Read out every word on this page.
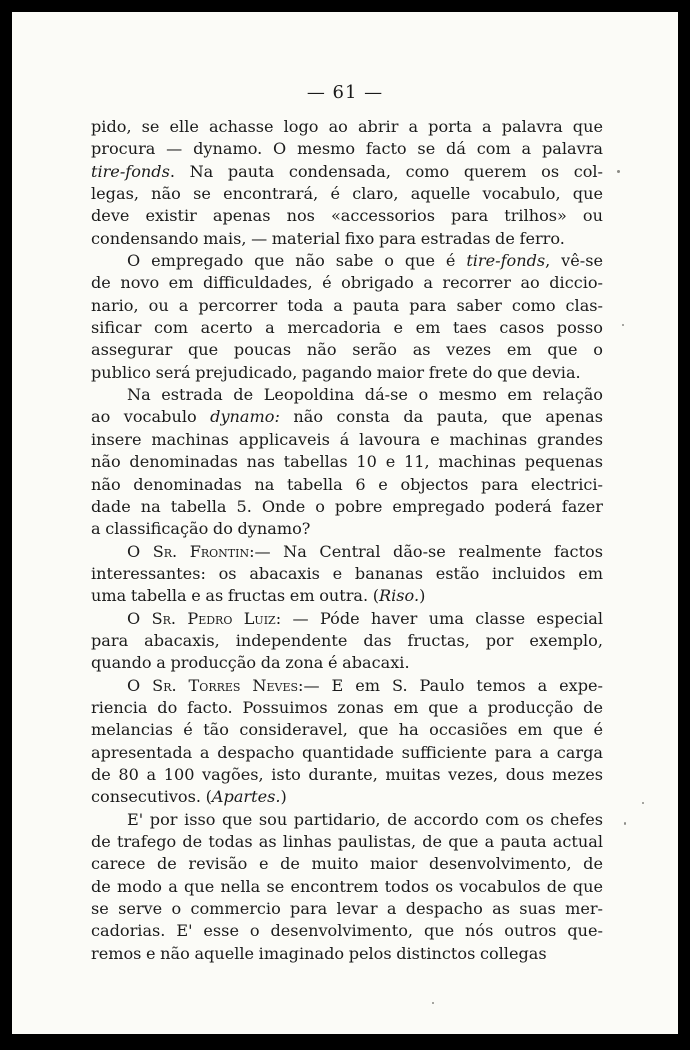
— 61 —
pido, se elle achasse logo ao abrir a porta a palavra que
procura — dynamo. O mesmo facto se dá com a palavra
tire-fonds. Na pauta condensada, como querem os col-
legas, não se encontrará, é claro, aquelle vocabulo, que
deve existir apenas nos «accessorios para trilhos» ou
condensando mais, — material fixo para estradas de ferro.
O empregado que não sabe o que é tire-fonds, vê-se
de novo em difficuldades, é obrigado a recorrer ao diccio-
nario, ou a percorrer toda a pauta para saber como clas-
sificar com acerto a mercadoria e em taes casos posso
assegurar que poucas não serão as vezes em que o
publico será prejudicado, pagando maior frete do que devia.
Na estrada de Leopoldina dá-se o mesmo em relação
ao vocabulo dynamo: não consta da pauta, que apenas
insere machinas applicaveis á lavoura e machinas grandes
não denominadas nas tabellas 10 e 11, machinas pequenas
não denominadas na tabella 6 e objectos para electrici-
dade na tabella 5. Onde o pobre empregado poderá fazer
a classificação do dynamo?
O Sr. Frontin:— Na Central dão-se realmente factos
interessantes: os abacaxis e bananas estão incluidos em
uma tabella e as fructas em outra. (Riso.)
O Sr. Pedro Luiz: — Póde haver uma classe especial
para abacaxis, independente das fructas, por exemplo,
quando a producção da zona é abacaxi.
O Sr. Torres Neves:— E em S. Paulo temos a expe-
riencia do facto. Possuimos zonas em que a producção de
melancias é tão consideravel, que ha occasiões em que é
apresentada a despacho quantidade sufficiente para a carga
de 80 a 100 vagões, isto durante, muitas vezes, dous mezes
consecutivos. (Apartes.)
E' por isso que sou partidario, de accordo com os chefes
de trafego de todas as linhas paulistas, de que a pauta actual
carece de revisão e de muito maior desenvolvimento, de
de modo a que nella se encontrem todos os vocabulos de que
se serve o commercio para levar a despacho as suas mer-
cadorias. E' esse o desenvolvimento, que nós outros que-
remos e não aquelle imaginado pelos distinctos collegas
